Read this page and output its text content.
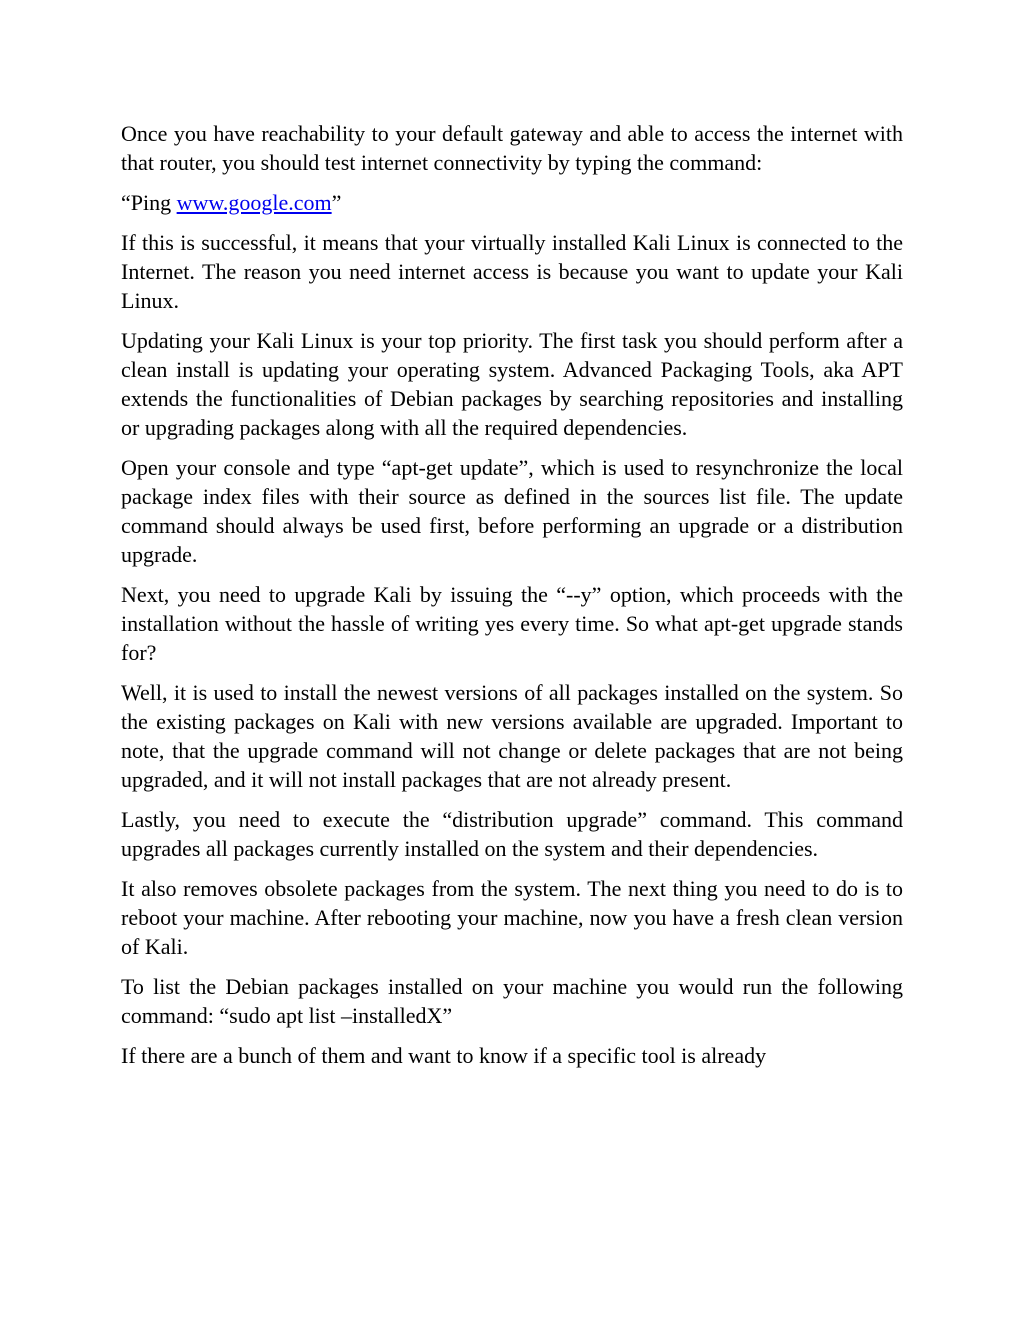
Once you have reachability to your default gateway and able to access the internet with that router, you should test internet connectivity by typing the command:

“Ping www.google.com”

If this is successful, it means that your virtually installed Kali Linux is connected to the Internet. The reason you need internet access is because you want to update your Kali Linux.

Updating your Kali Linux is your top priority. The first task you should perform after a clean install is updating your operating system. Advanced Packaging Tools, aka APT extends the functionalities of Debian packages by searching repositories and installing or upgrading packages along with all the required dependencies.

Open your console and type “apt-get update”, which is used to resynchronize the local package index files with their source as defined in the sources list file. The update command should always be used first, before performing an upgrade or a distribution upgrade.

Next, you need to upgrade Kali by issuing the “--y” option, which proceeds with the installation without the hassle of writing yes every time. So what apt-get upgrade stands for?

Well, it is used to install the newest versions of all packages installed on the system. So the existing packages on Kali with new versions available are upgraded. Important to note, that the upgrade command will not change or delete packages that are not being upgraded, and it will not install packages that are not already present.

Lastly, you need to execute the “distribution upgrade” command. This command upgrades all packages currently installed on the system and their dependencies.

It also removes obsolete packages from the system. The next thing you need to do is to reboot your machine. After rebooting your machine, now you have a fresh clean version of Kali.

To list the Debian packages installed on your machine you would run the following command: “sudo apt list –installedX”

If there are a bunch of them and want to know if a specific tool is already
